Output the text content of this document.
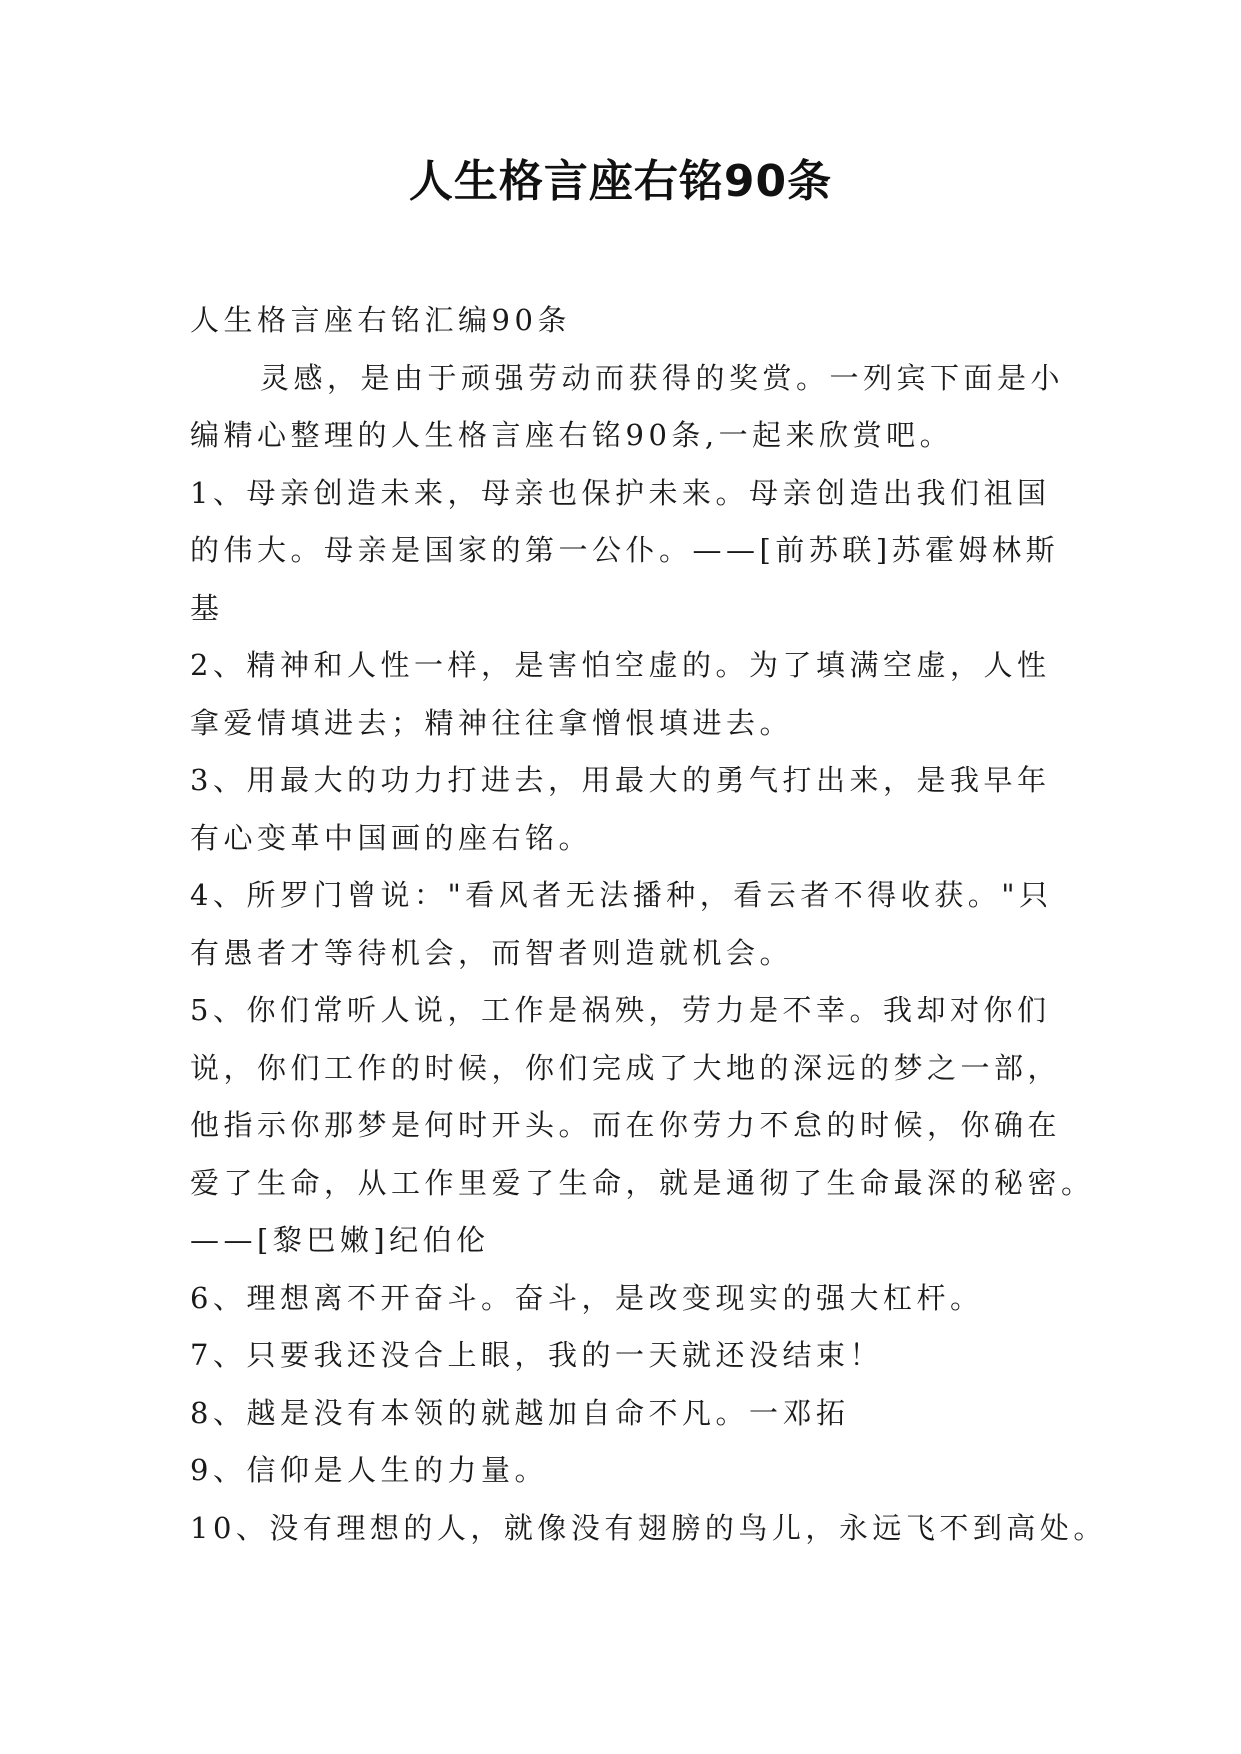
人生格言座右铭90条
人生格言座右铭汇编90条
灵感，是由于顽强劳动而获得的奖赏。一列宾下面是小
编精心整理的人生格言座右铭90条,一起来欣赏吧。
1、母亲创造未来，母亲也保护未来。母亲创造出我们祖国
的伟大。母亲是国家的第一公仆。——[前苏联]苏霍姆林斯
基
2、精神和人性一样，是害怕空虚的。为了填满空虚，人性
拿爱情填进去；精神往往拿憎恨填进去。
3、用最大的功力打进去，用最大的勇气打出来，是我早年
有心变革中国画的座右铭。
4、所罗门曾说："看风者无法播种，看云者不得收获。"只
有愚者才等待机会，而智者则造就机会。
5、你们常听人说，工作是祸殃，劳力是不幸。我却对你们
说，你们工作的时候，你们完成了大地的深远的梦之一部，
他指示你那梦是何时开头。而在你劳力不怠的时候，你确在
爱了生命，从工作里爱了生命，就是通彻了生命最深的秘密。
——[黎巴嫩]纪伯伦
6、理想离不开奋斗。奋斗，是改变现实的强大杠杆。
7、只要我还没合上眼，我的一天就还没结束！
8、越是没有本领的就越加自命不凡。一邓拓
9、信仰是人生的力量。
10、没有理想的人，就像没有翅膀的鸟儿，永远飞不到高处。
